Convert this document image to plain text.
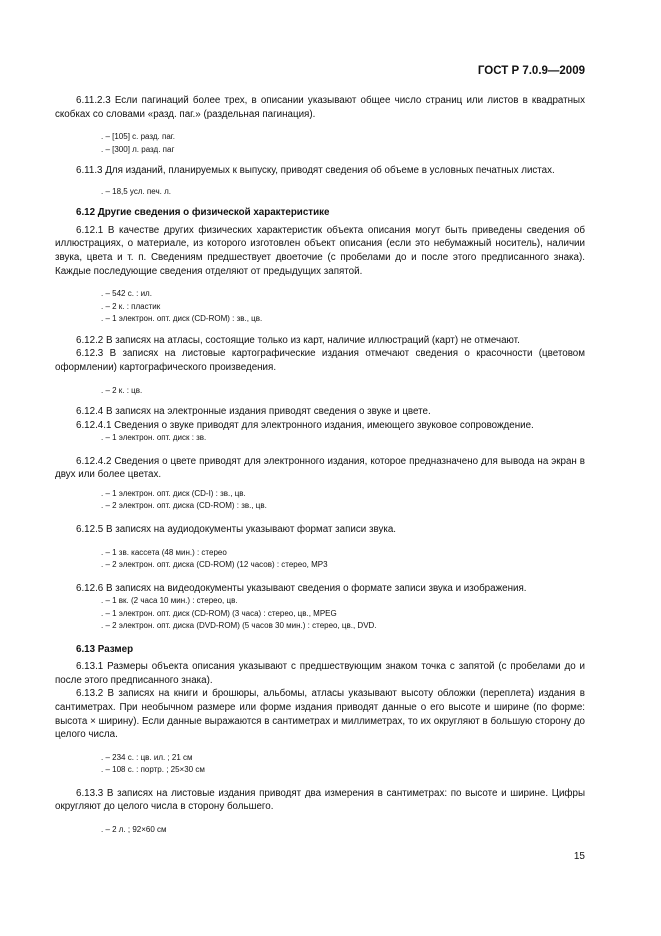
ГОСТ Р 7.0.9—2009

6.11.2.3 Если пагинаций более трех, в описании указывают общее число страниц или листов в квадратных скобках со словами «разд. паг.» (раздельная пагинация).

. – [105] с. разд. паг.
. – [300] л. разд. паг

6.11.3 Для изданий, планируемых к выпуску, приводят сведения об объеме в условных печатных листах.

. – 18,5 усл. печ. л.

6.12 Другие сведения о физической характеристике

6.12.1 В качестве других физических характеристик объекта описания могут быть приведены сведения об иллюстрациях, о материале, из которого изготовлен объект описания (если это небумажный носитель), наличии звука, цвета и т. п. Сведениям предшествует двоеточие (с пробелами до и после этого предписанного знака). Каждые последующие сведения отделяют от предыдущих запятой.

. – 542 с. : ил.
. – 2 к. : пластик
. – 1 электрон. опт. диск (CD-ROM) : зв., цв.

6.12.2 В записях на атласы, состоящие только из карт, наличие иллюстраций (карт) не отмечают.

6.12.3 В записях на листовые картографические издания отмечают сведения о красочности (цветовом оформлении) картографического произведения.

. – 2 к. : цв.

6.12.4 В записях на электронные издания приводят сведения о звуке и цвете.

6.12.4.1 Сведения о звуке приводят для электронного издания, имеющего звуковое сопровождение.

. – 1 электрон. опт. диск : зв.

6.12.4.2 Сведения о цвете приводят для электронного издания, которое предназначено для вывода на экран в двух или более цветах.

. – 1 электрон. опт. диск (CD-I) : зв., цв.
. – 2 электрон. опт. диска (CD-ROM) : зв., цв.

6.12.5 В записях на аудиодокументы указывают формат записи звука.

. – 1 зв. кассета (48 мин.) : стерео
. – 2 электрон. опт. диска (CD-ROM) (12 часов) : стерео, MP3

6.12.6 В записях на видеодокументы указывают сведения о формате записи звука и изображения.

. – 1 вк. (2 часа 10 мин.) : стерео, цв.
. – 1 электрон. опт. диск (CD-ROM) (3 часа) : стерео, цв., MPEG
. – 2 электрон. опт. диска (DVD-ROM) (5 часов 30 мин.) : стерео, цв., DVD.

6.13 Размер

6.13.1 Размеры объекта описания указывают с предшествующим знаком точка с запятой (с пробелами до и после этого предписанного знака).

6.13.2 В записях на книги и брошюры, альбомы, атласы указывают высоту обложки (переплета) издания в сантиметрах. При необычном размере или форме издания приводят данные о его высоте и ширине (по форме: высота × ширину). Если данные выражаются в сантиметрах и миллиметрах, то их округляют в большую сторону до целого числа.

. – 234 с. : цв. ил. ; 21 см
. – 108 с. : портр. ; 25×30 см

6.13.3 В записях на листовые издания приводят два измерения в сантиметрах: по высоте и ширине. Цифры округляют до целого числа в сторону большего.

. – 2 л. ; 92×60 см
15
